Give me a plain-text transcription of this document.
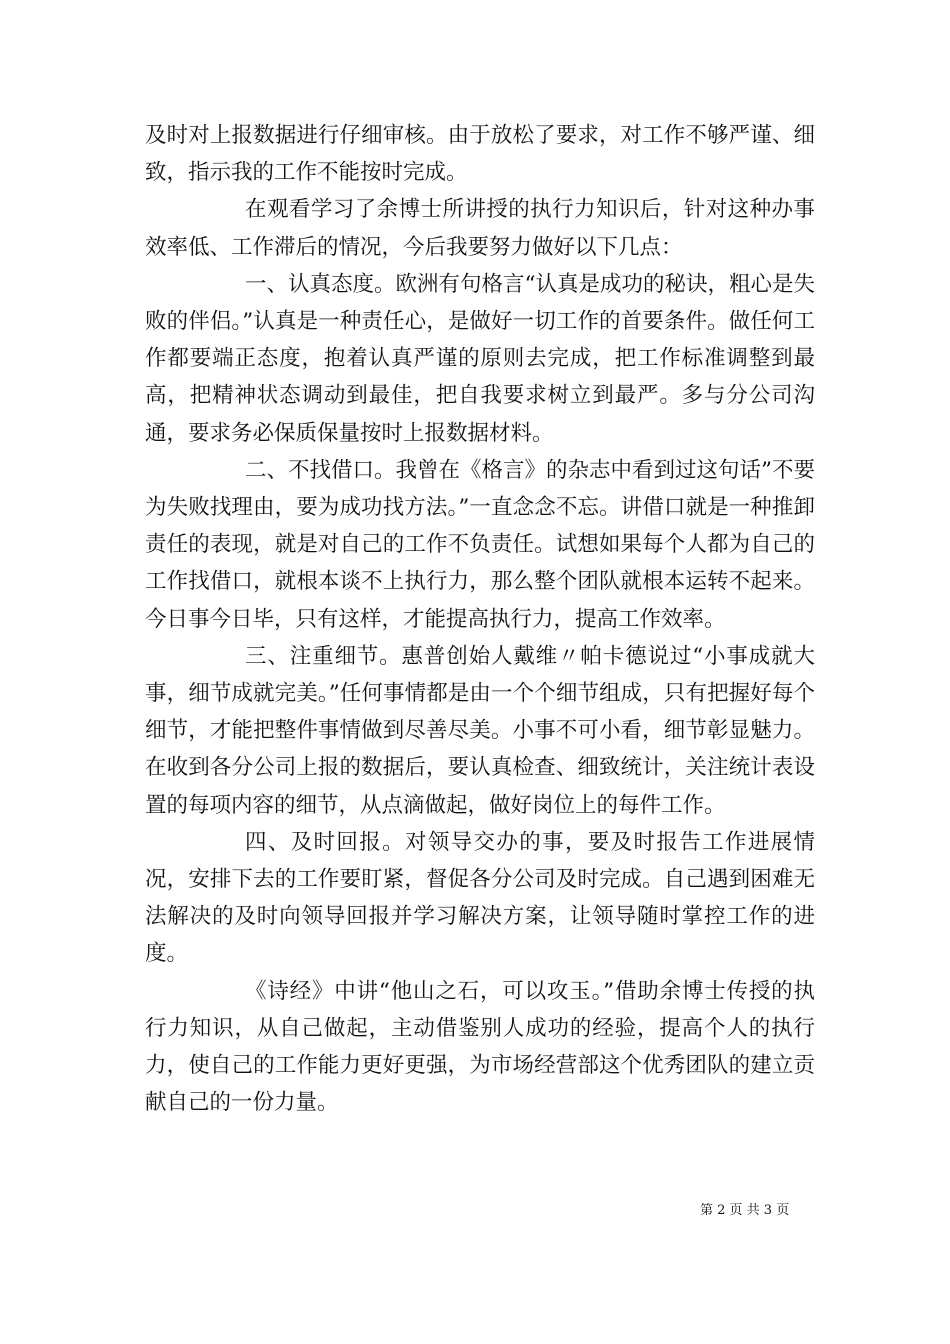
及时对上报数据进行仔细审核。由于放松了要求，对工作不够严谨、细致，指示我的工作不能按时完成。

在观看学习了余博士所讲授的执行力知识后，针对这种办事效率低、工作滞后的情况，今后我要努力做好以下几点：

一、认真态度。欧洲有句格言“认真是成功的秘诀，粗心是失败的伴侣。”认真是一种责任心，是做好一切工作的首要条件。做任何工作都要端正态度，抱着认真严谨的原则去完成，把工作标准调整到最高，把精神状态调动到最佳，把自我要求树立到最严。多与分公司沟通，要求务必保质保量按时上报数据材料。

二、不找借口。我曾在《格言》的杂志中看到过这句话”不要为失败找理由，要为成功找方法。”一直念念不忘。讲借口就是一种推卸责任的表现，就是对自己的工作不负责任。试想如果每个人都为自己的工作找借口，就根本谈不上执行力，那么整个团队就根本运转不起来。今日事今日毕，只有这样，才能提高执行力，提高工作效率。

三、注重细节。惠普创始人戴维〃帕卡德说过“小事成就大事，细节成就完美。”任何事情都是由一个个细节组成，只有把握好每个细节，才能把整件事情做到尽善尽美。小事不可小看，细节彰显魅力。在收到各分公司上报的数据后，要认真检查、细致统计，关注统计表设置的每项内容的细节，从点滴做起，做好岗位上的每件工作。

四、及时回报。对领导交办的事，要及时报告工作进展情况，安排下去的工作要盯紧，督促各分公司及时完成。自己遇到困难无法解决的及时向领导回报并学习解决方案，让领导随时掌控工作的进度。

《诗经》中讲“他山之石，可以攻玉。”借助余博士传授的执行力知识，从自己做起，主动借鉴别人成功的经验，提高个人的执行力，使自己的工作能力更好更强，为市场经营部这个优秀团队的建立贡献自己的一份力量。

第 2 页 共 3 页
